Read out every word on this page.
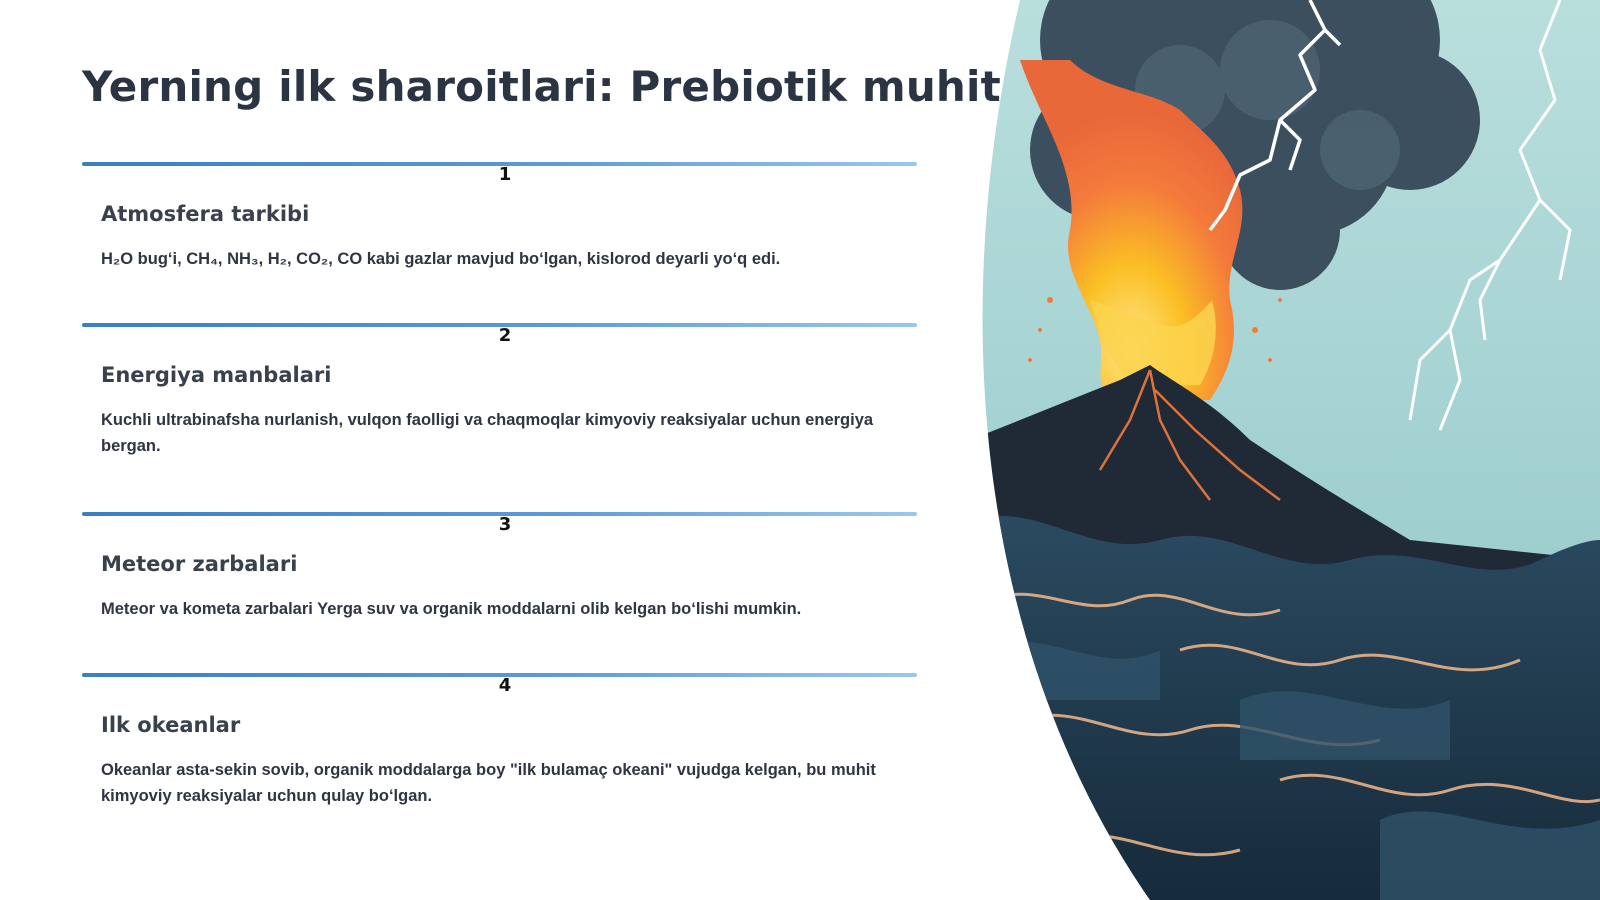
Yerning ilk sharoitlari: Prebiotik muhit
1
Atmosfera tarkibi

H₂O bug‘i, CH₄, NH₃, H₂, CO₂, CO kabi gazlar mavjud bo‘lgan, kislorod deyarli yo‘q edi.

2
Energiya manbalari

Kuchli ultrabinafsha nurlanish, vulqon faolligi va chaqmoqlar kimyoviy reaksiyalar uchun energiya bergan.

3
Meteor zarbalari

Meteor va kometa zarbalari Yerga suv va organik moddalarni olib kelgan bo‘lishi mumkin.

4
Ilk okeanlar

Okeanlar asta-sekin sovib, organik moddalarga boy "ilk bulamaç okeani" vujudga kelgan, bu muhit kimyoviy reaksiyalar uchun qulay bo‘lgan.
